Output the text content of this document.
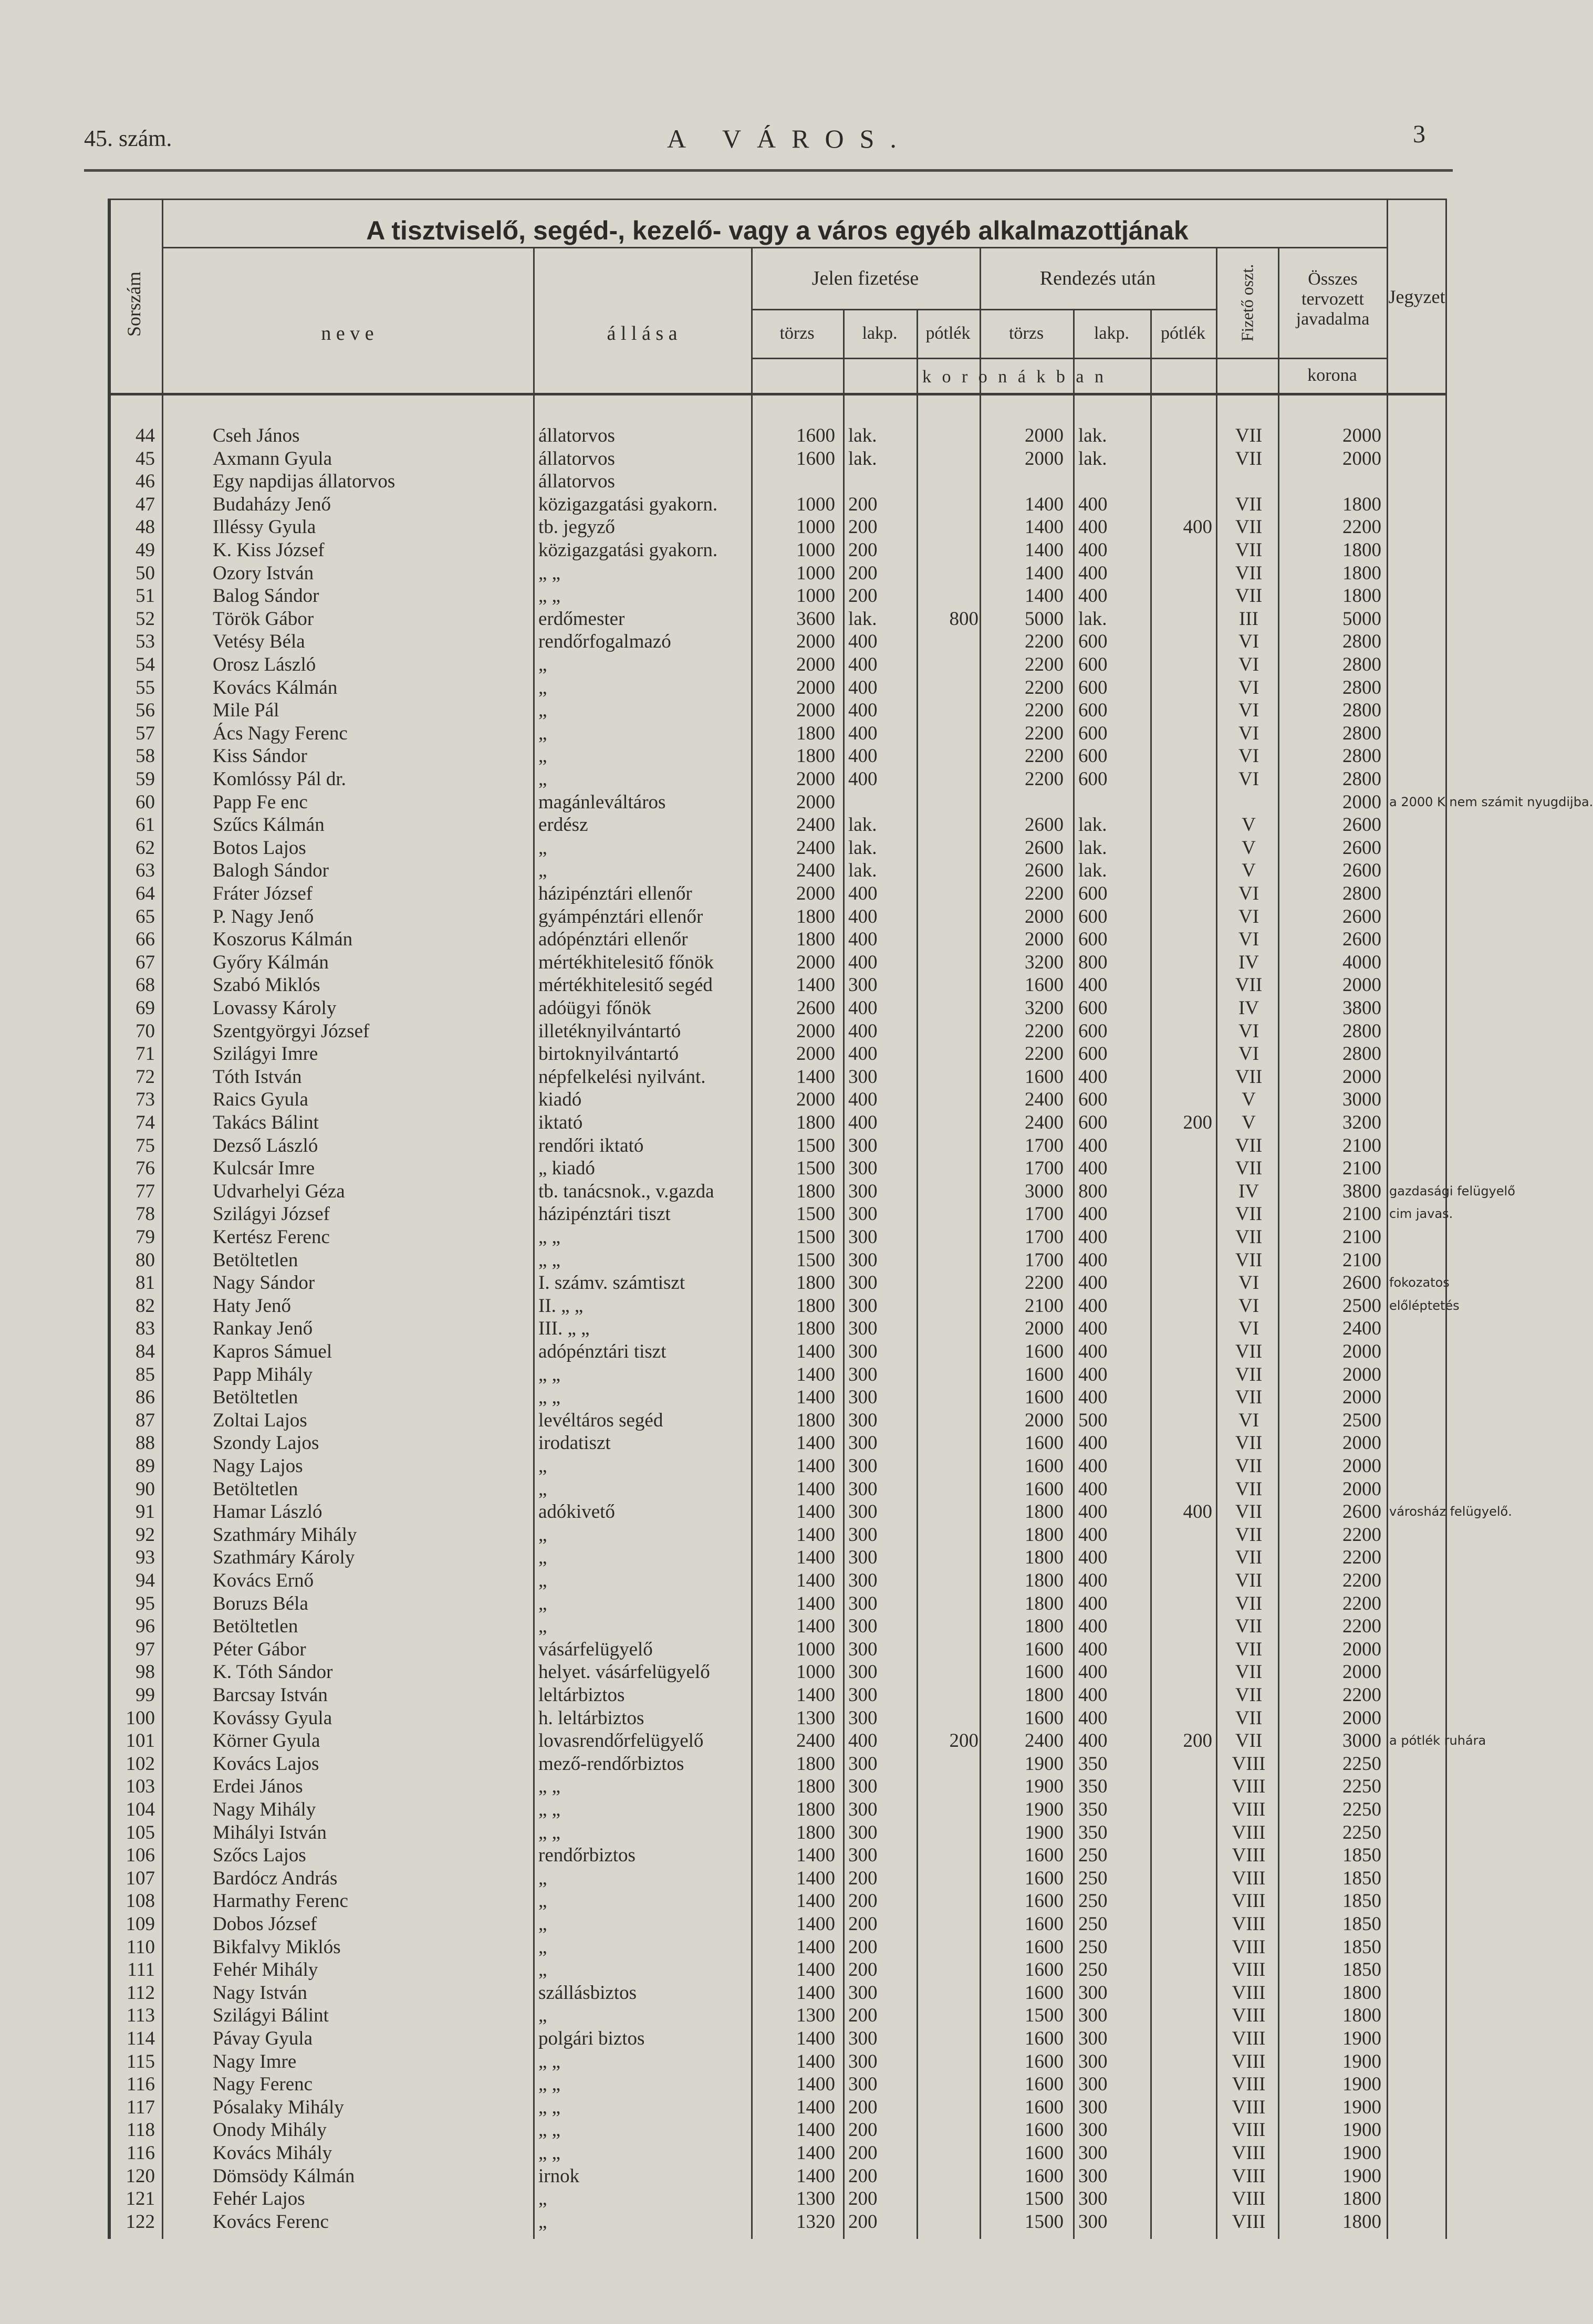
45. szám.	A VÁROS.	3
A tisztviselő, segéd-, kezelő- vagy a város egyéb alkalmazottjának
Sorszám	n e v e	á l l á s a
Jelen fizetése	Rendezés után
törzs	lakp.	pótlék	törzs	lakp.	pótlék	Fizető oszt.	Összes tervozett javadalma
Jegyzet
k o r o n á k b a n	korona
44	Cseh János	állatorvos	1600 lak.	2000 lak.	VII	2000
45	Axmann Gyula	állatorvos	1600 lak.	2000 lak.	VII	2000
46	Egy napdijas állatorvos	állatorvos
47	Budaházy Jenő	közigazgatási gyakorn.	1000 200	1400 400	VII	1800
48	Illéssy Gyula	tb. jegyző	1000 200	1400 400	400	VII	2200
49	K. Kiss József	közigazgatási gyakorn.	1000 200	1400 400	VII	1800
50	Ozory István	„ „	1000 200	1400 400	VII	1800
51	Balog Sándor	„ „	1000 200	1400 400	VII	1800
52	Török Gábor	erdőmester	3600 lak.	800	5000 lak.	III	5000
53	Vetésy Béla	rendőrfogalmazó	2000 400	2200 600	VI	2800
54	Orosz László	„	2000 400	2200 600	VI	2800
55	Kovács Kálmán	„	2000 400	2200 600	VI	2800
56	Mile Pál	„	2000 400	2200 600	VI	2800
57	Ács Nagy Ferenc	„	1800 400	2200 600	VI	2800
58	Kiss Sándor	„	1800 400	2200 600	VI	2800
59	Komlóssy Pál dr.	„	2000 400	2200 600	VI	2800
60	Papp Fe enc	magánleváltáros	2000	2000 a 2000 K nem számit nyugdijba.
61	Szűcs Kálmán	erdész	2400 lak.	2600 lak.	V	2600
62	Botos Lajos	„	2400 lak.	2600 lak.	V	2600
63	Balogh Sándor	„	2400 lak.	2600 lak.	V	2600
64	Fráter József	házipénztári ellenőr	2000 400	2200 600	VI	2800
65	P. Nagy Jenő	gyámpénztári ellenőr	1800 400	2000 600	VI	2600
66	Koszorus Kálmán	adópénztári ellenőr	1800 400	2000 600	VI	2600
67	Győry Kálmán	mértékhitelesitő főnök	2000 400	3200 800	IV	4000
68	Szabó Miklós	mértékhitelesitő segéd	1400 300	1600 400	VII	2000
69	Lovassy Károly	adóügyi főnök	2600 400	3200 600	IV	3800
70	Szentgyörgyi József	illetéknyilvántartó	2000 400	2200 600	VI	2800
71	Szilágyi Imre	birtoknyilvántartó	2000 400	2200 600	VI	2800
72	Tóth István	népfelkelési nyilvánt.	1400 300	1600 400	VII	2000
73	Raics Gyula	kiadó	2000 400	2400 600	V	3000
74	Takács Bálint	iktató	1800 400	2400 600	200	V	3200
75	Dezső László	rendőri iktató	1500 300	1700 400	VII	2100
76	Kulcsár Imre	„ kiadó	1500 300	1700 400	VII	2100
77	Udvarhelyi Géza	tb. tanácsnok., v.gazda	1800 300	3000 800	IV	3800 gazdasági felügyelő
78	Szilágyi József	házipénztári tiszt	1500 300	1700 400	VII	2100 cim javas.
79	Kertész Ferenc	„ „	1500 300	1700 400	VII	2100
80	Betöltetlen	„ „	1500 300	1700 400	VII	2100
81	Nagy Sándor	I. számv. számtiszt	1800 300	2200 400	VI	2600 fokozatos
82	Haty Jenő	II. „ „	1800 300	2100 400	VI	2500 előléptetés
83	Rankay Jenő	III. „ „	1800 300	2000 400	VI	2400
84	Kapros Sámuel	adópénztári tiszt	1400 300	1600 400	VII	2000
85	Papp Mihály	„ „	1400 300	1600 400	VII	2000
86	Betöltetlen	„ „	1400 300	1600 400	VII	2000
87	Zoltai Lajos	levéltáros segéd	1800 300	2000 500	VI	2500
88	Szondy Lajos	irodatiszt	1400 300	1600 400	VII	2000
89	Nagy Lajos	„	1400 300	1600 400	VII	2000
90	Betöltetlen	„	1400 300	1600 400	VII	2000
91	Hamar László	adókivető	1400 300	1800 400	400	VII	2600 városház felügyelő.
92	Szathmáry Mihály	„	1400 300	1800 400	VII	2200
93	Szathmáry Károly	„	1400 300	1800 400	VII	2200
94	Kovács Ernő	„	1400 300	1800 400	VII	2200
95	Boruzs Béla	„	1400 300	1800 400	VII	2200
96	Betöltetlen	„	1400 300	1800 400	VII	2200
97	Péter Gábor	vásárfelügyelő	1000 300	1600 400	VII	2000
98	K. Tóth Sándor	helyet. vásárfelügyelő	1000 300	1600 400	VII	2000
99	Barcsay István	leltárbiztos	1400 300	1800 400	VII	2200
100	Kovássy Gyula	h. leltárbiztos	1300 300	1600 400	VII	2000
101	Körner Gyula	lovasrendőrfelügyelő	2400 400	200	2400 400	200	VII	3000 a pótlék ruhára
102	Kovács Lajos	mező-rendőrbiztos	1800 300	1900 350	VIII	2250
103	Erdei János	„ „	1800 300	1900 350	VIII	2250
104	Nagy Mihály	„ „	1800 300	1900 350	VIII	2250
105	Mihályi István	„ „	1800 300	1900 350	VIII	2250
106	Szőcs Lajos	rendőrbiztos	1400 300	1600 250	VIII	1850
107	Bardócz András	„	1400 200	1600 250	VIII	1850
108	Harmathy Ferenc	„	1400 200	1600 250	VIII	1850
109	Dobos József	„	1400 200	1600 250	VIII	1850
110	Bikfalvy Miklós	„	1400 200	1600 250	VIII	1850
111	Fehér Mihály	„	1400 200	1600 250	VIII	1850
112	Nagy István	szállásbiztos	1400 300	1600 300	VIII	1800
113	Szilágyi Bálint	„	1300 200	1500 300	VIII	1800
114	Pávay Gyula	polgári biztos	1400 300	1600 300	VIII	1900
115	Nagy Imre	„ „	1400 300	1600 300	VIII	1900
116	Nagy Ferenc	„ „	1400 300	1600 300	VIII	1900
117	Pósalaky Mihály	„ „	1400 200	1600 300	VIII	1900
118	Onody Mihály	„ „	1400 200	1600 300	VIII	1900
116	Kovács Mihály	„ „	1400 200	1600 300	VIII	1900
120	Dömsödy Kálmán	irnok	1400 200	1600 300	VIII	1900
121	Fehér Lajos	„	1300 200	1500 300	VIII	1800
122	Kovács Ferenc	„	1320 200	1500 300	VIII	1800
